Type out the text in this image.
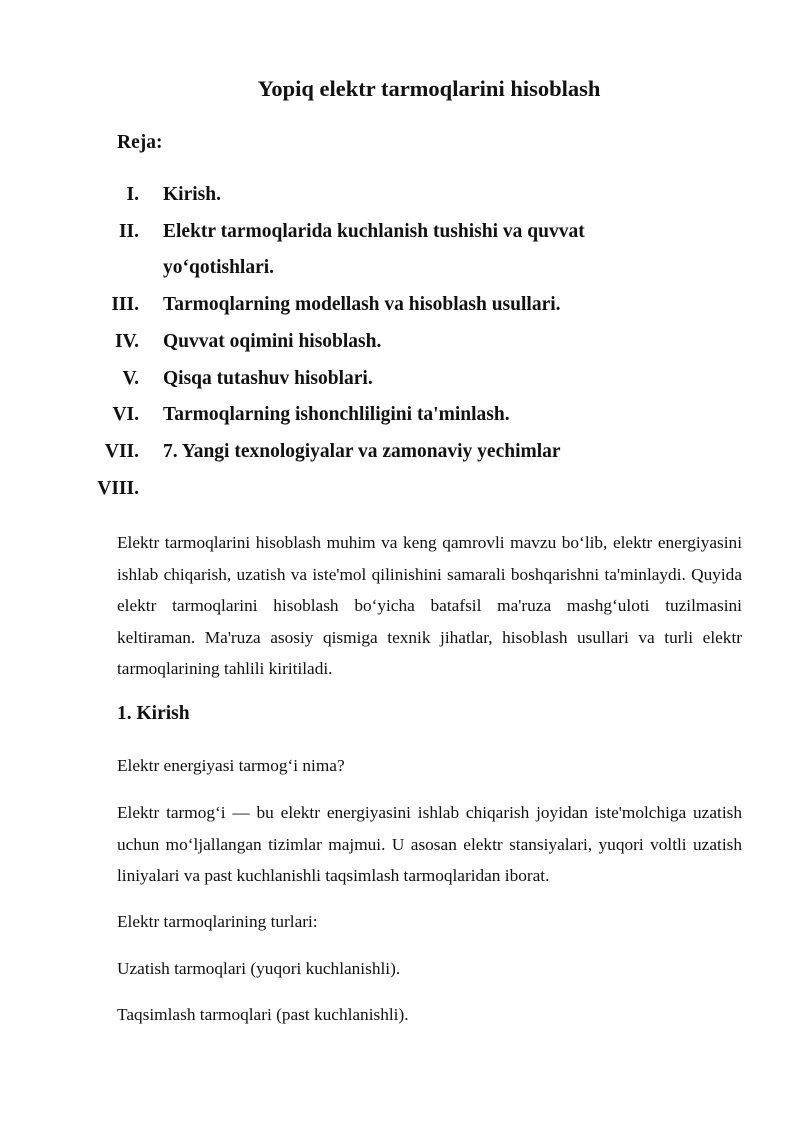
Yopiq elektr tarmoqlarini hisoblash
Reja:
I. Kirish.
II. Elektr tarmoqlarida kuchlanish tushishi va quvvat yo‘qotishlari.
III. Tarmoqlarning modellash va hisoblash usullari.
IV. Quvvat oqimini hisoblash.
V. Qisqa tutashuv hisoblari.
VI. Tarmoqlarning ishonchliligini ta'minlash.
VII. 7. Yangi texnologiyalar va zamonaviy yechimlar
VIII.

Elektr tarmoqlarini hisoblash muhim va keng qamrovli mavzu bo‘lib, elektr energiyasini ishlab chiqarish, uzatish va iste'mol qilinishini samarali boshqarishni ta'minlaydi. Quyida elektr tarmoqlarini hisoblash bo‘yicha batafsil ma'ruza mashg‘uloti tuzilmasini keltiraman. Ma'ruza asosiy qismiga texnik jihatlar, hisoblash usullari va turli elektr tarmoqlarining tahlili kiritiladi.

1. Kirish

Elektr energiyasi tarmog‘i nima?

Elektr tarmog‘i — bu elektr energiyasini ishlab chiqarish joyidan iste'molchiga uzatish uchun mo‘ljallangan tizimlar majmui. U asosan elektr stansiyalari, yuqori voltli uzatish liniyalari va past kuchlanishli taqsimlash tarmoqlaridan iborat.

Elektr tarmoqlarining turlari:

Uzatish tarmoqlari (yuqori kuchlanishli).

Taqsimlash tarmoqlari (past kuchlanishli).
